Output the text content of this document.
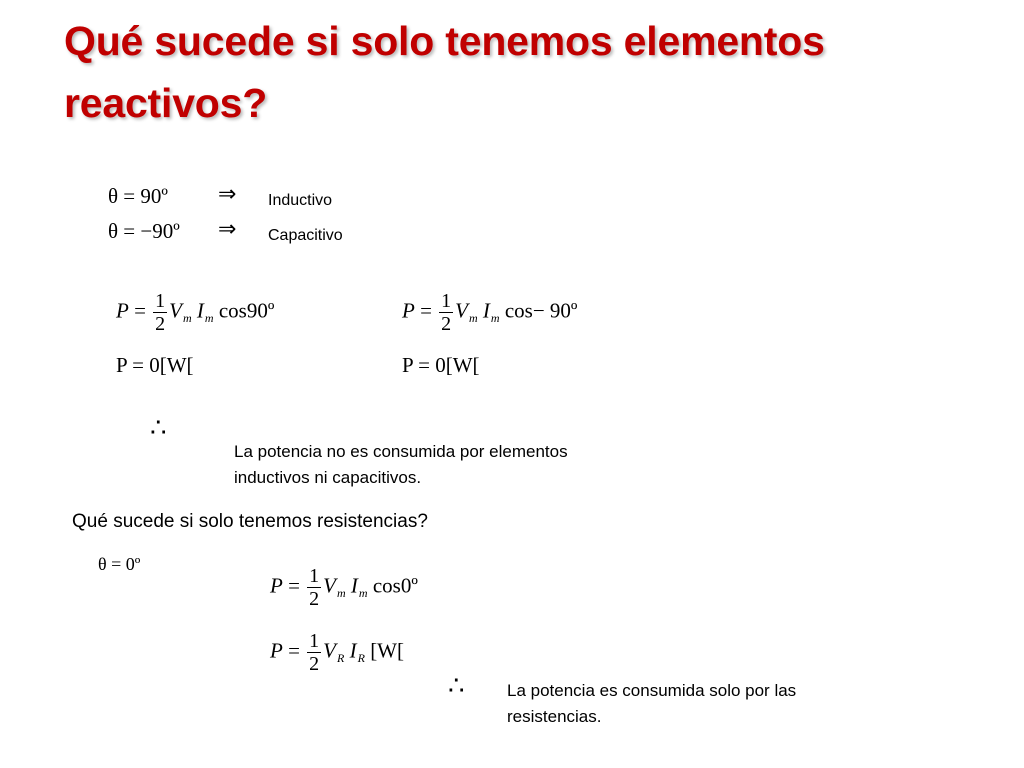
Qué sucede si solo tenemos elementos reactivos?
θ = 90º ⇒ Inductivo
θ = −90º ⇒ Capacitivo
$P = \frac{1}{2} V_m$ $I_m$ cos90º
P = 0[W[
$P = \frac{1}{2} V_m$ $I_m$ cos− 90º
P = 0[W[
∴
La potencia no es consumida por elementos inductivos ni capacitivos.
Qué sucede si solo tenemos resistencias?
θ = 0º
$P = \frac{1}{2} V_m$ $I_m$ cos0º
$P = \frac{1}{2} V_R$ $I_R$ [W[
∴ La potencia es consumida solo por las resistencias.
